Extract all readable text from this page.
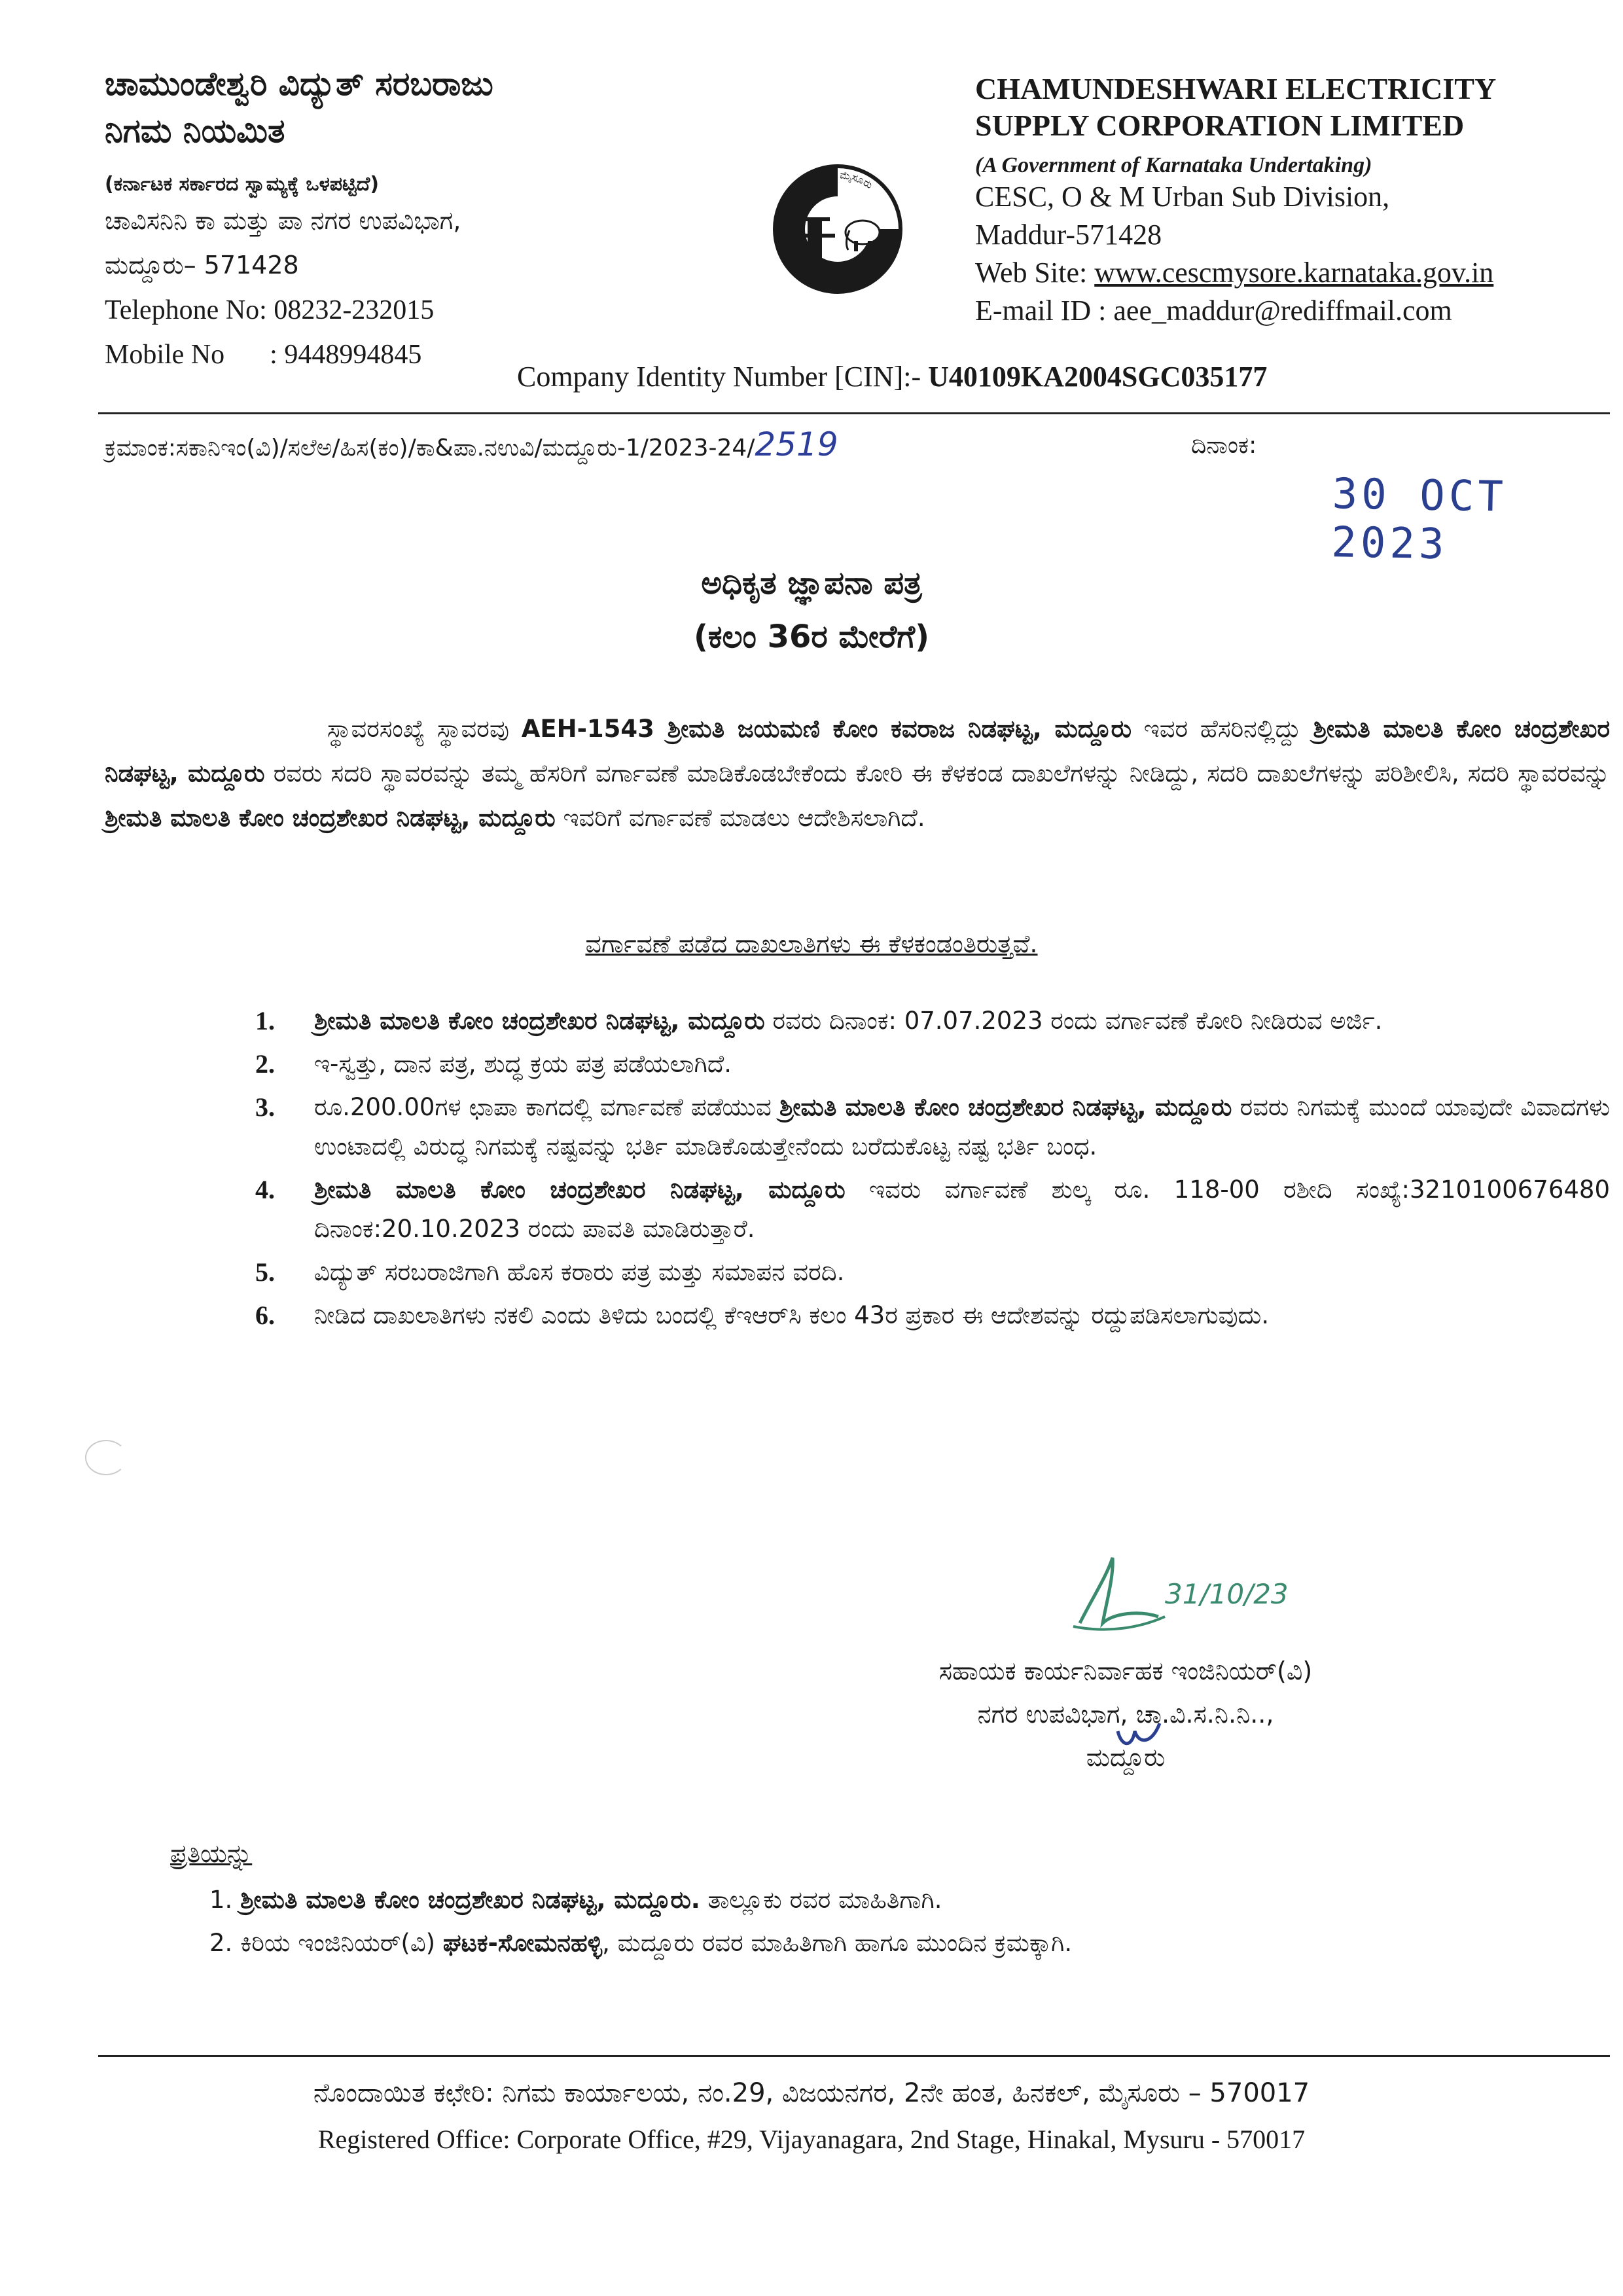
ಚಾಮುಂಡೇಶ್ವರಿ ವಿದ್ಯುತ್ ಸರಬರಾಜು
ನಿಗಮ ನಿಯಮಿತ
(ಕರ್ನಾಟಕ ಸರ್ಕಾರದ ಸ್ವಾಮ್ಯಕ್ಕೆ ಒಳಪಟ್ಟಿದೆ)
ಚಾವಿಸನಿನಿ ಕಾ ಮತ್ತು ಪಾ ನಗರ ಉಪವಿಭಾಗ,
ಮದ್ದೂರು– 571428
Telephone No: 08232-232015
Mobile No : 9448994845
ಚಾ.ವಿ.ಸ.ನಿ. ಮೈಸೂರು
C.E.S.C. MYSO
CHAMUNDESHWARI ELECTRICITY
SUPPLY CORPORATION LIMITED
(A Government of Karnataka Undertaking)
CESC, O & M Urban Sub Division,
Maddur-571428
Web Site: www.cescmysore.karnataka.gov.in
E-mail ID : aee_maddur@rediffmail.com
Company Identity Number [CIN]:- U40109KA2004SGC035177
ಕ್ರಮಾಂಕ:ಸಕಾನಿಇಂ(ವಿ)/ಸಲೆಅ/ಹಿಸ(ಕಂ)/ಕಾ&ಪಾ.ನಉವಿ/ಮದ್ದೂರು-1/2023-24/2519	ದಿನಾಂಕ:
30 OCT 2023
ಅಧಿಕೃತ ಜ್ಞಾಪನಾ ಪತ್ರ
(ಕಲಂ 36ರ ಮೇರೆಗೆ)
ಸ್ಥಾವರಸಂಖ್ಯೆ ಸ್ಥಾವರವು AEH-1543 ಶ್ರೀಮತಿ ಜಯಮಣಿ ಕೋಂ ಕವರಾಜ ನಿಡಘಟ್ಟ, ಮದ್ದೂರು ಇವರ ಹೆಸರಿನಲ್ಲಿದ್ದು ಶ್ರೀಮತಿ ಮಾಲತಿ ಕೋಂ ಚಂದ್ರಶೇಖರ ನಿಡಘಟ್ಟ, ಮದ್ದೂರು ರವರು ಸದರಿ ಸ್ಥಾವರವನ್ನು ತಮ್ಮ ಹೆಸರಿಗೆ ವರ್ಗಾವಣೆ ಮಾಡಿಕೊಡಬೇಕೆಂದು ಕೋರಿ ಈ ಕೆಳಕಂಡ ದಾಖಲೆಗಳನ್ನು ನೀಡಿದ್ದು, ಸದರಿ ದಾಖಲೆಗಳನ್ನು ಪರಿಶೀಲಿಸಿ, ಸದರಿ ಸ್ಥಾವರವನ್ನು ಶ್ರೀಮತಿ ಮಾಲತಿ ಕೋಂ ಚಂದ್ರಶೇಖರ ನಿಡಘಟ್ಟ, ಮದ್ದೂರು ಇವರಿಗೆ ವರ್ಗಾವಣೆ ಮಾಡಲು ಆದೇಶಿಸಲಾಗಿದೆ.
ವರ್ಗಾವಣೆ ಪಡೆದ ದಾಖಲಾತಿಗಳು ಈ ಕೆಳಕಂಡಂತಿರುತ್ತವೆ.
1. ಶ್ರೀಮತಿ ಮಾಲತಿ ಕೋಂ ಚಂದ್ರಶೇಖರ ನಿಡಘಟ್ಟ, ಮದ್ದೂರು ರವರು ದಿನಾಂಕ: 07.07.2023 ರಂದು ವರ್ಗಾವಣೆ ಕೋರಿ ನೀಡಿರುವ ಅರ್ಜಿ.
2. ಇ-ಸ್ವತ್ತು, ದಾನ ಪತ್ರ, ಶುದ್ಧ ಕ್ರಯ ಪತ್ರ ಪಡೆಯಲಾಗಿದೆ.
3. ರೂ.200.00ಗಳ ಛಾಪಾ ಕಾಗದಲ್ಲಿ ವರ್ಗಾವಣೆ ಪಡೆಯುವ ಶ್ರೀಮತಿ ಮಾಲತಿ ಕೋಂ ಚಂದ್ರಶೇಖರ ನಿಡಘಟ್ಟ, ಮದ್ದೂರು ರವರು ನಿಗಮಕ್ಕೆ ಮುಂದೆ ಯಾವುದೇ ವಿವಾದಗಳು ಉಂಟಾದಲ್ಲಿ ವಿರುದ್ಧ ನಿಗಮಕ್ಕೆ ನಷ್ಟವನ್ನು ಭರ್ತಿ ಮಾಡಿಕೊಡುತ್ತೇನೆಂದು ಬರೆದುಕೊಟ್ಟ ನಷ್ಟ ಭರ್ತಿ ಬಂಧ.
4. ಶ್ರೀಮತಿ ಮಾಲತಿ ಕೋಂ ಚಂದ್ರಶೇಖರ ನಿಡಘಟ್ಟ, ಮದ್ದೂರು ಇವರು ವರ್ಗಾವಣೆ ಶುಲ್ಕ ರೂ. 118-00 ರಶೀದಿ ಸಂಖ್ಯೆ:3210100676480 ದಿನಾಂಕ:20.10.2023 ರಂದು ಪಾವತಿ ಮಾಡಿರುತ್ತಾರೆ.
5. ವಿದ್ಯುತ್ ಸರಬರಾಜಿಗಾಗಿ ಹೊಸ ಕರಾರು ಪತ್ರ ಮತ್ತು ಸಮಾಪನ ವರದಿ.
6. ನೀಡಿದ ದಾಖಲಾತಿಗಳು ನಕಲಿ ಎಂದು ತಿಳಿದು ಬಂದಲ್ಲಿ ಕೆಇಆರ್‌ಸಿ ಕಲಂ 43ರ ಪ್ರಕಾರ ಈ ಆದೇಶವನ್ನು ರದ್ದುಪಡಿಸಲಾಗುವುದು.
31/10/23
ಸಹಾಯಕ ಕಾರ್ಯನಿರ್ವಾಹಕ ಇಂಜಿನಿಯರ್(ವಿ)
ನಗರ ಉಪವಿಭಾಗ, ಚಾ.ವಿ.ಸ.ನಿ.ನಿ..,
ಮದ್ದೂರು
ಪ್ರತಿಯನ್ನು
1. ಶ್ರೀಮತಿ ಮಾಲತಿ ಕೋಂ ಚಂದ್ರಶೇಖರ ನಿಡಘಟ್ಟ, ಮದ್ದೂರು. ತಾಲ್ಲೂಕು ರವರ ಮಾಹಿತಿಗಾಗಿ.
2. ಕಿರಿಯ ಇಂಜಿನಿಯರ್(ವಿ) ಘಟಕ-ಸೋಮನಹಳ್ಳಿ, ಮದ್ದೂರು ರವರ ಮಾಹಿತಿಗಾಗಿ ಹಾಗೂ ಮುಂದಿನ ಕ್ರಮಕ್ಕಾಗಿ.
ನೊಂದಾಯಿತ ಕಛೇರಿ: ನಿಗಮ ಕಾರ್ಯಾಲಯ, ನಂ.29, ವಿಜಯನಗರ, 2ನೇ ಹಂತ, ಹಿನಕಲ್, ಮೈಸೂರು – 570017
Registered Office: Corporate Office, #29, Vijayanagara, 2nd Stage, Hinakal, Mysuru - 570017
